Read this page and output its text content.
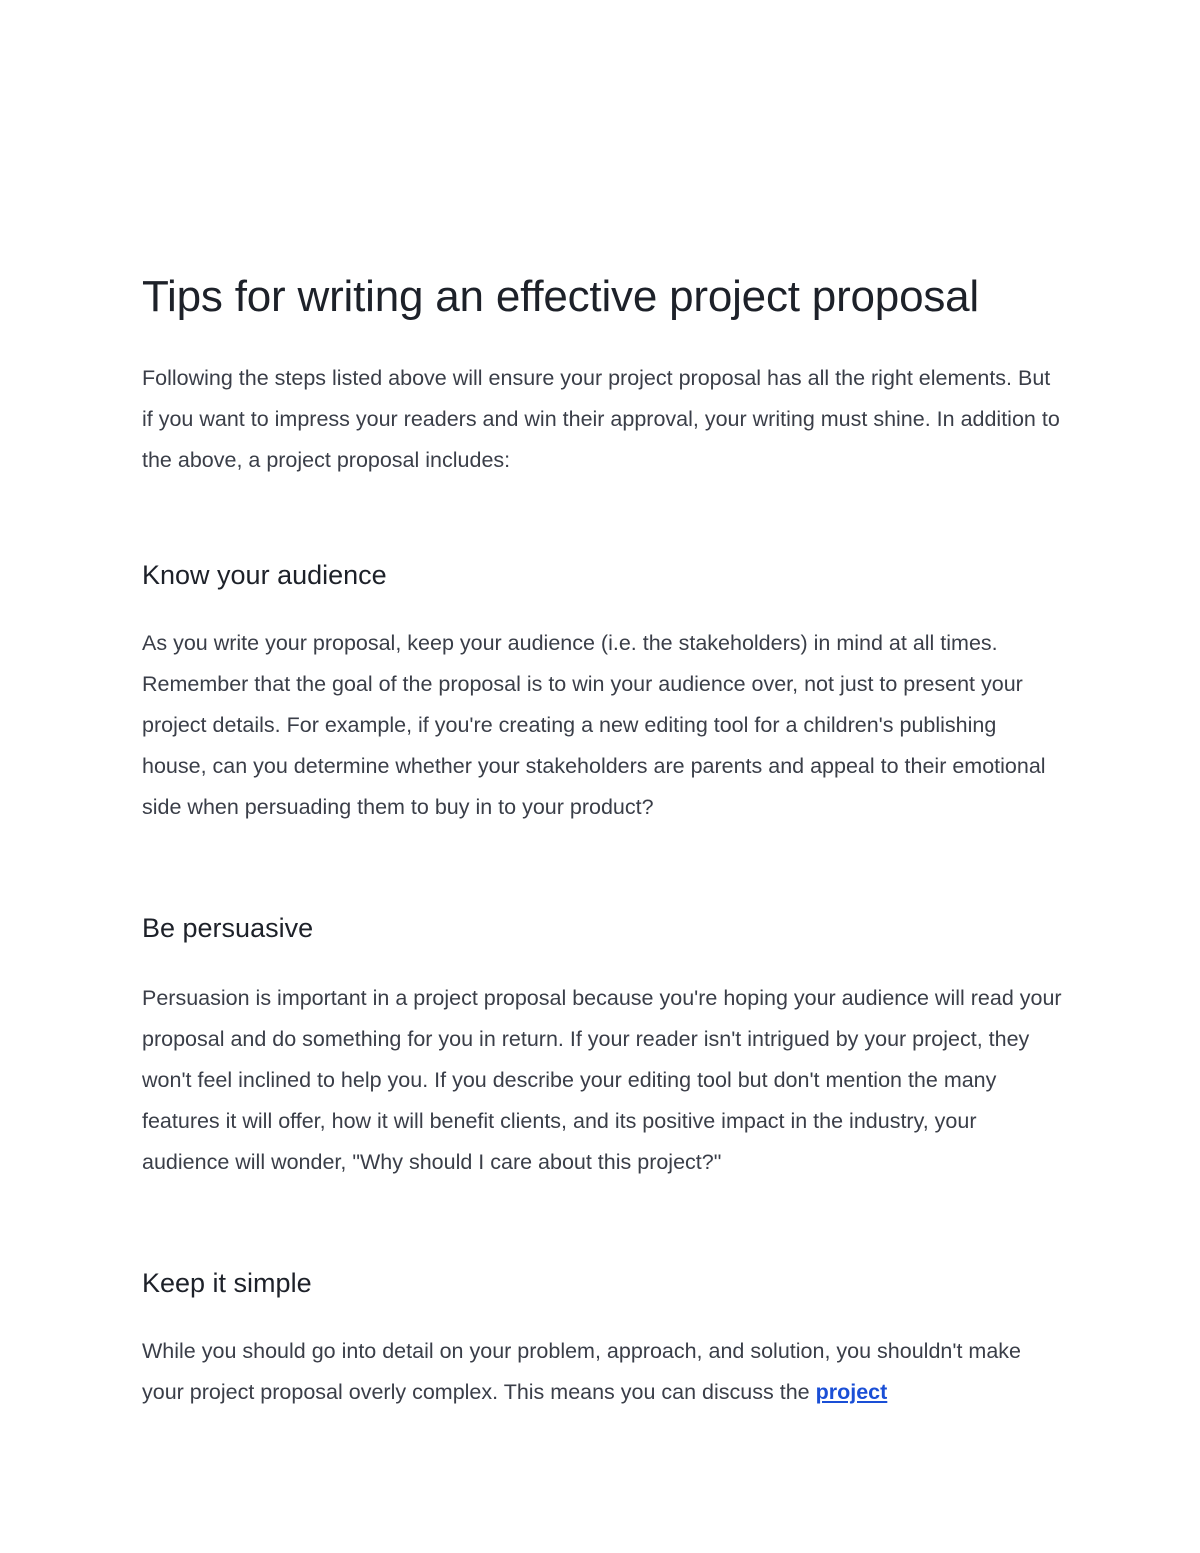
Tips for writing an effective project proposal

Following the steps listed above will ensure your project proposal has all the right elements. But if you want to impress your readers and win their approval, your writing must shine. In addition to the above, a project proposal includes:

Know your audience

As you write your proposal, keep your audience (i.e. the stakeholders) in mind at all times. Remember that the goal of the proposal is to win your audience over, not just to present your project details. For example, if you're creating a new editing tool for a children's publishing house, can you determine whether your stakeholders are parents and appeal to their emotional side when persuading them to buy in to your product?

Be persuasive

Persuasion is important in a project proposal because you're hoping your audience will read your proposal and do something for you in return. If your reader isn't intrigued by your project, they won't feel inclined to help you. If you describe your editing tool but don't mention the many features it will offer, how it will benefit clients, and its positive impact in the industry, your audience will wonder, "Why should I care about this project?"

Keep it simple

While you should go into detail on your problem, approach, and solution, you shouldn't make your project proposal overly complex. This means you can discuss the project
